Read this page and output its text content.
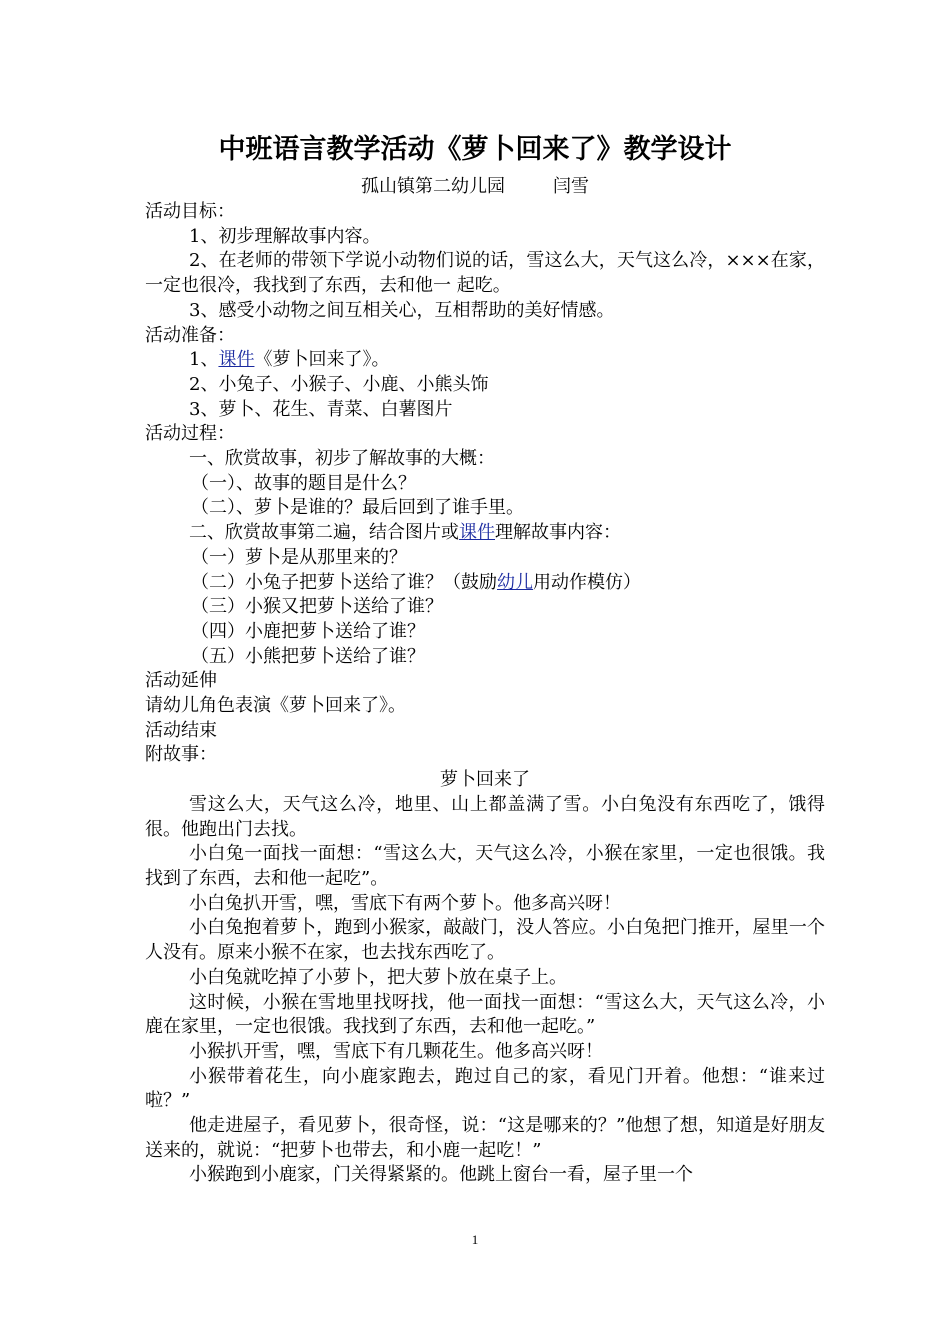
中班语言教学活动《萝卜回来了》教学设计
孤山镇第二幼儿园	闫雪

活动目标：

1、初步理解故事内容。

2、在老师的带领下学说小动物们说的话，雪这么大，天气这么冷，×××在家，一定也很冷，我找到了东西，去和他一 起吃。

3、感受小动物之间互相关心，互相帮助的美好情感。

活动准备：

1、课件《萝卜回来了》。

2、小兔子、小猴子、小鹿、小熊头饰

3、萝卜、花生、青菜、白薯图片

活动过程：

一、欣赏故事，初步了解故事的大概：

（一）、故事的题目是什么？

（二）、萝卜是谁的？最后回到了谁手里。

二、欣赏故事第二遍，结合图片或课件理解故事内容：

（一）萝卜是从那里来的？

（二）小兔子把萝卜送给了谁？（鼓励幼儿用动作模仿）

（三）小猴又把萝卜送给了谁？

（四）小鹿把萝卜送给了谁？

（五）小熊把萝卜送给了谁？

活动延伸

请幼儿角色表演《萝卜回来了》。

活动结束

附故事：

萝卜回来了

雪这么大，天气这么冷，地里、山上都盖满了雪。小白兔没有东西吃了，饿得很。他跑出门去找。

小白兔一面找一面想：“雪这么大，天气这么冷，小猴在家里，一定也很饿。我找到了东西，去和他一起吃”。

小白兔扒开雪，嘿，雪底下有两个萝卜。他多高兴呀！

小白兔抱着萝卜，跑到小猴家，敲敲门，没人答应。小白兔把门推开，屋里一个人没有。原来小猴不在家，也去找东西吃了。

小白兔就吃掉了小萝卜，把大萝卜放在桌子上。

这时候，小猴在雪地里找呀找，他一面找一面想：“雪这么大，天气这么冷，小鹿在家里，一定也很饿。我找到了东西，去和他一起吃。”

小猴扒开雪，嘿，雪底下有几颗花生。他多高兴呀！

小猴带着花生，向小鹿家跑去，跑过自己的家，看见门开着。他想：“谁来过啦？”

他走进屋子，看见萝卜，很奇怪，说：“这是哪来的？”他想了想，知道是好朋友送来的，就说：“把萝卜也带去，和小鹿一起吃！”

小猴跑到小鹿家，门关得紧紧的。他跳上窗台一看，屋子里一个

1
